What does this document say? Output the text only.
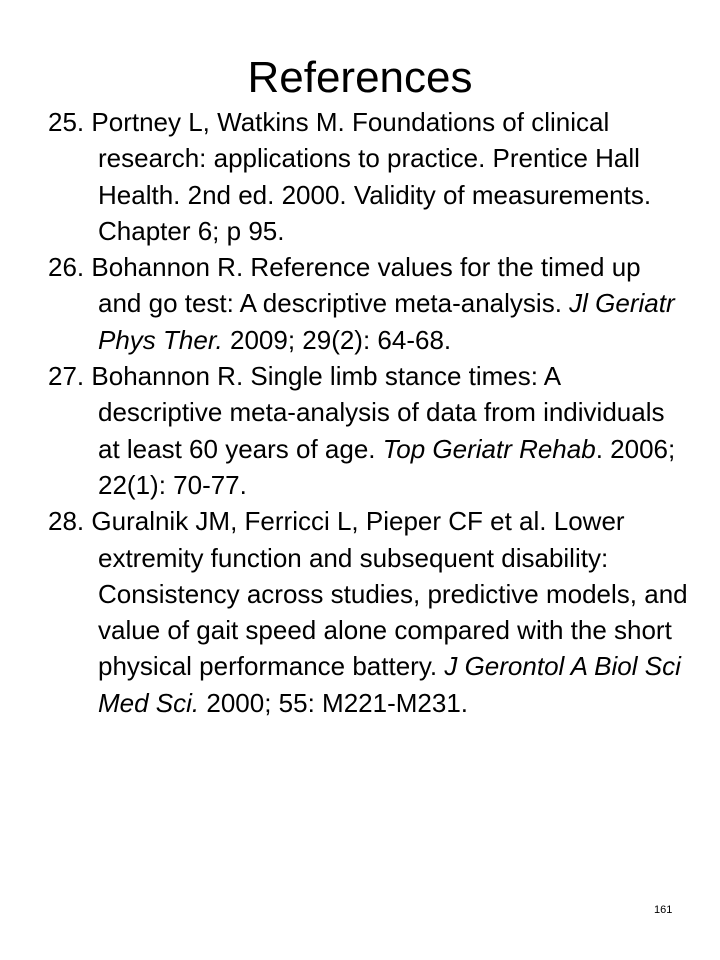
References
25. Portney L, Watkins M. Foundations of clinical research: applications to practice. Prentice Hall Health. 2nd ed. 2000. Validity of measurements. Chapter 6; p 95.
26. Bohannon R. Reference values for the timed up and go test: A descriptive meta-analysis. Jl Geriatr Phys Ther. 2009; 29(2): 64-68.
27. Bohannon R. Single limb stance times: A descriptive meta-analysis of data from individuals at least 60 years of age. Top Geriatr Rehab. 2006; 22(1): 70-77.
28. Guralnik JM, Ferricci L, Pieper CF et al. Lower extremity function and subsequent disability: Consistency across studies, predictive models, and value of gait speed alone compared with the short physical performance battery. J Gerontol A Biol Sci Med Sci. 2000; 55: M221-M231.
161
